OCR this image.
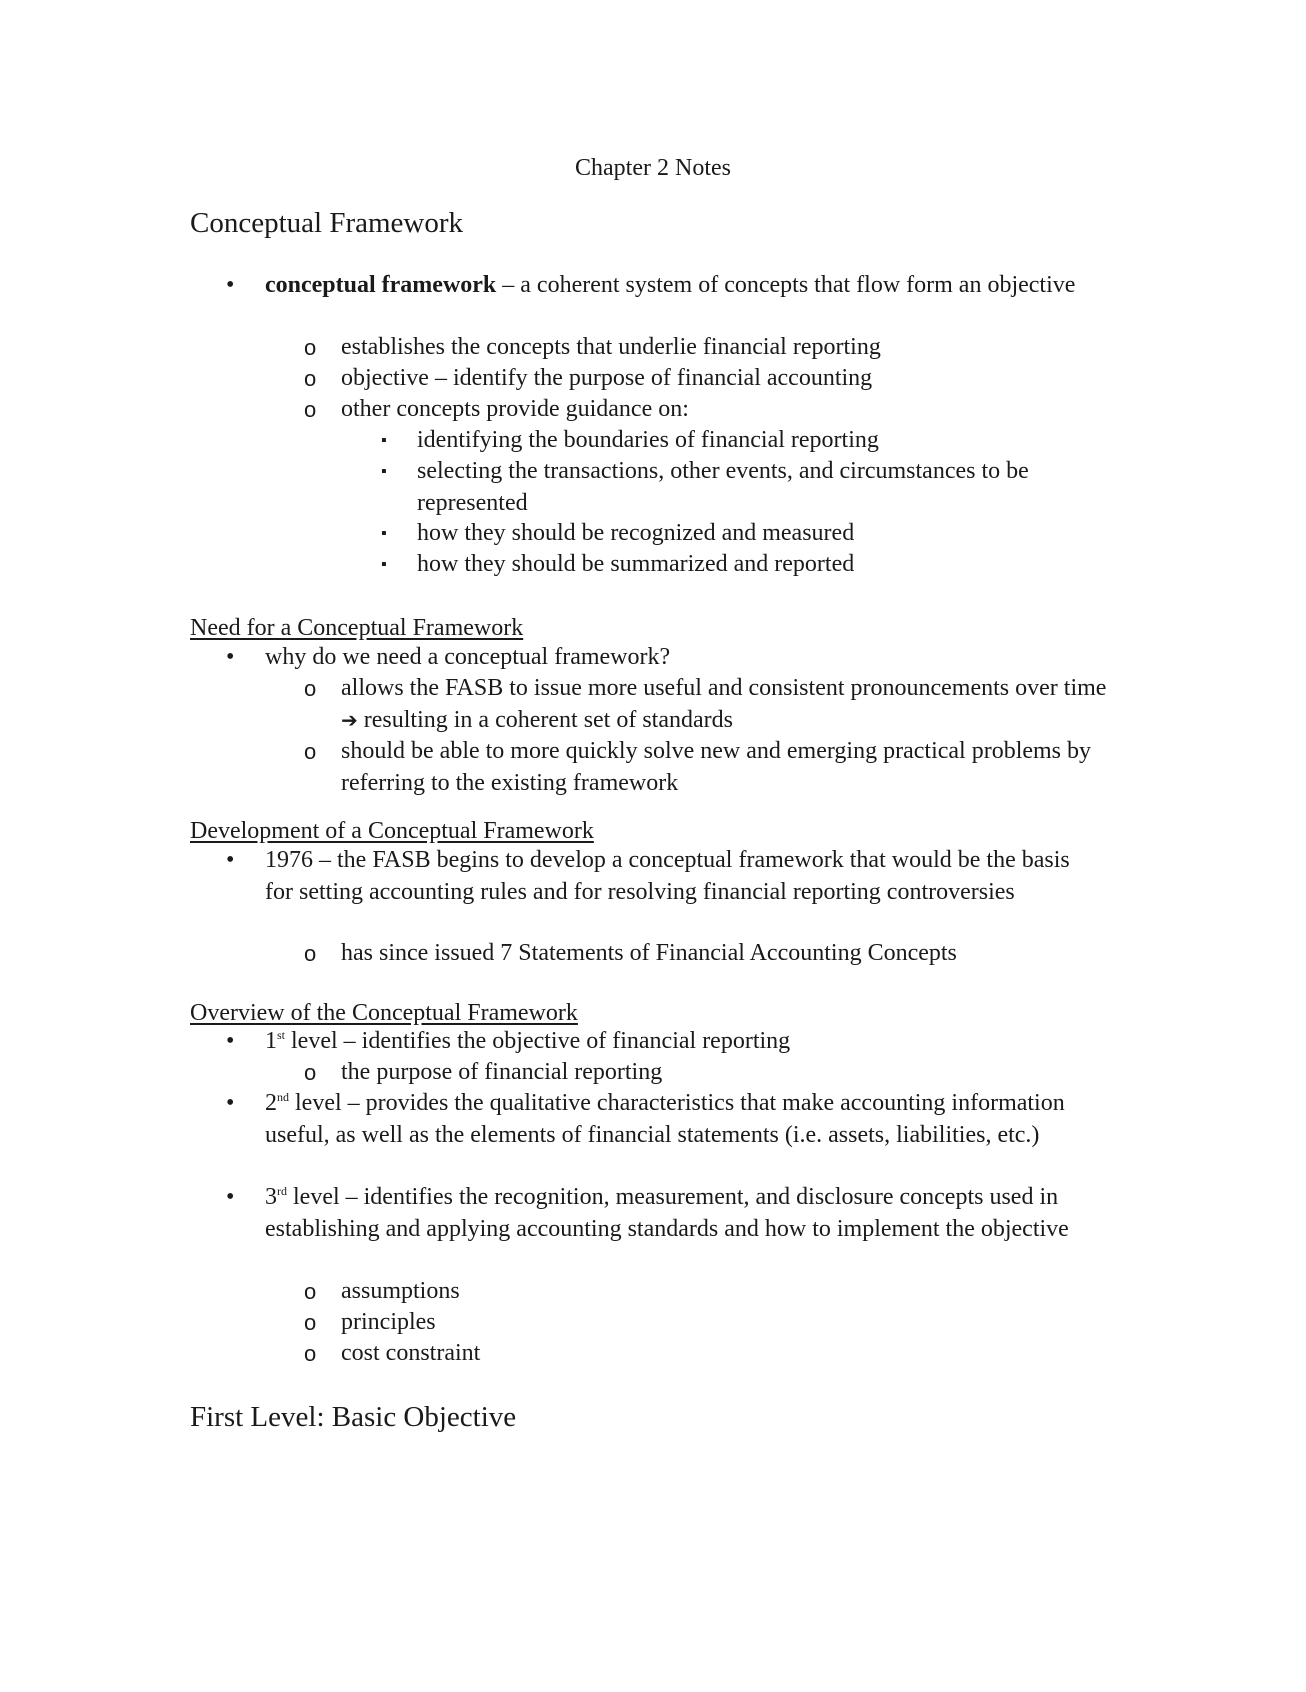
Chapter 2 Notes
Conceptual Framework
• conceptual framework – a coherent system of concepts that flow form an objective
o establishes the concepts that underlie financial reporting
o objective – identify the purpose of financial accounting
o other concepts provide guidance on:
▪ identifying the boundaries of financial reporting
▪ selecting the transactions, other events, and circumstances to be represented
▪ how they should be recognized and measured
▪ how they should be summarized and reported
Need for a Conceptual Framework
• why do we need a conceptual framework?
o allows the FASB to issue more useful and consistent pronouncements over time ➔ resulting in a coherent set of standards
o should be able to more quickly solve new and emerging practical problems by referring to the existing framework
Development of a Conceptual Framework
• 1976 – the FASB begins to develop a conceptual framework that would be the basis for setting accounting rules and for resolving financial reporting controversies
o has since issued 7 Statements of Financial Accounting Concepts
Overview of the Conceptual Framework
• 1st level – identifies the objective of financial reporting
o the purpose of financial reporting
• 2nd level – provides the qualitative characteristics that make accounting information useful, as well as the elements of financial statements (i.e. assets, liabilities, etc.)
• 3rd level – identifies the recognition, measurement, and disclosure concepts used in establishing and applying accounting standards and how to implement the objective
o assumptions
o principles
o cost constraint
First Level: Basic Objective
